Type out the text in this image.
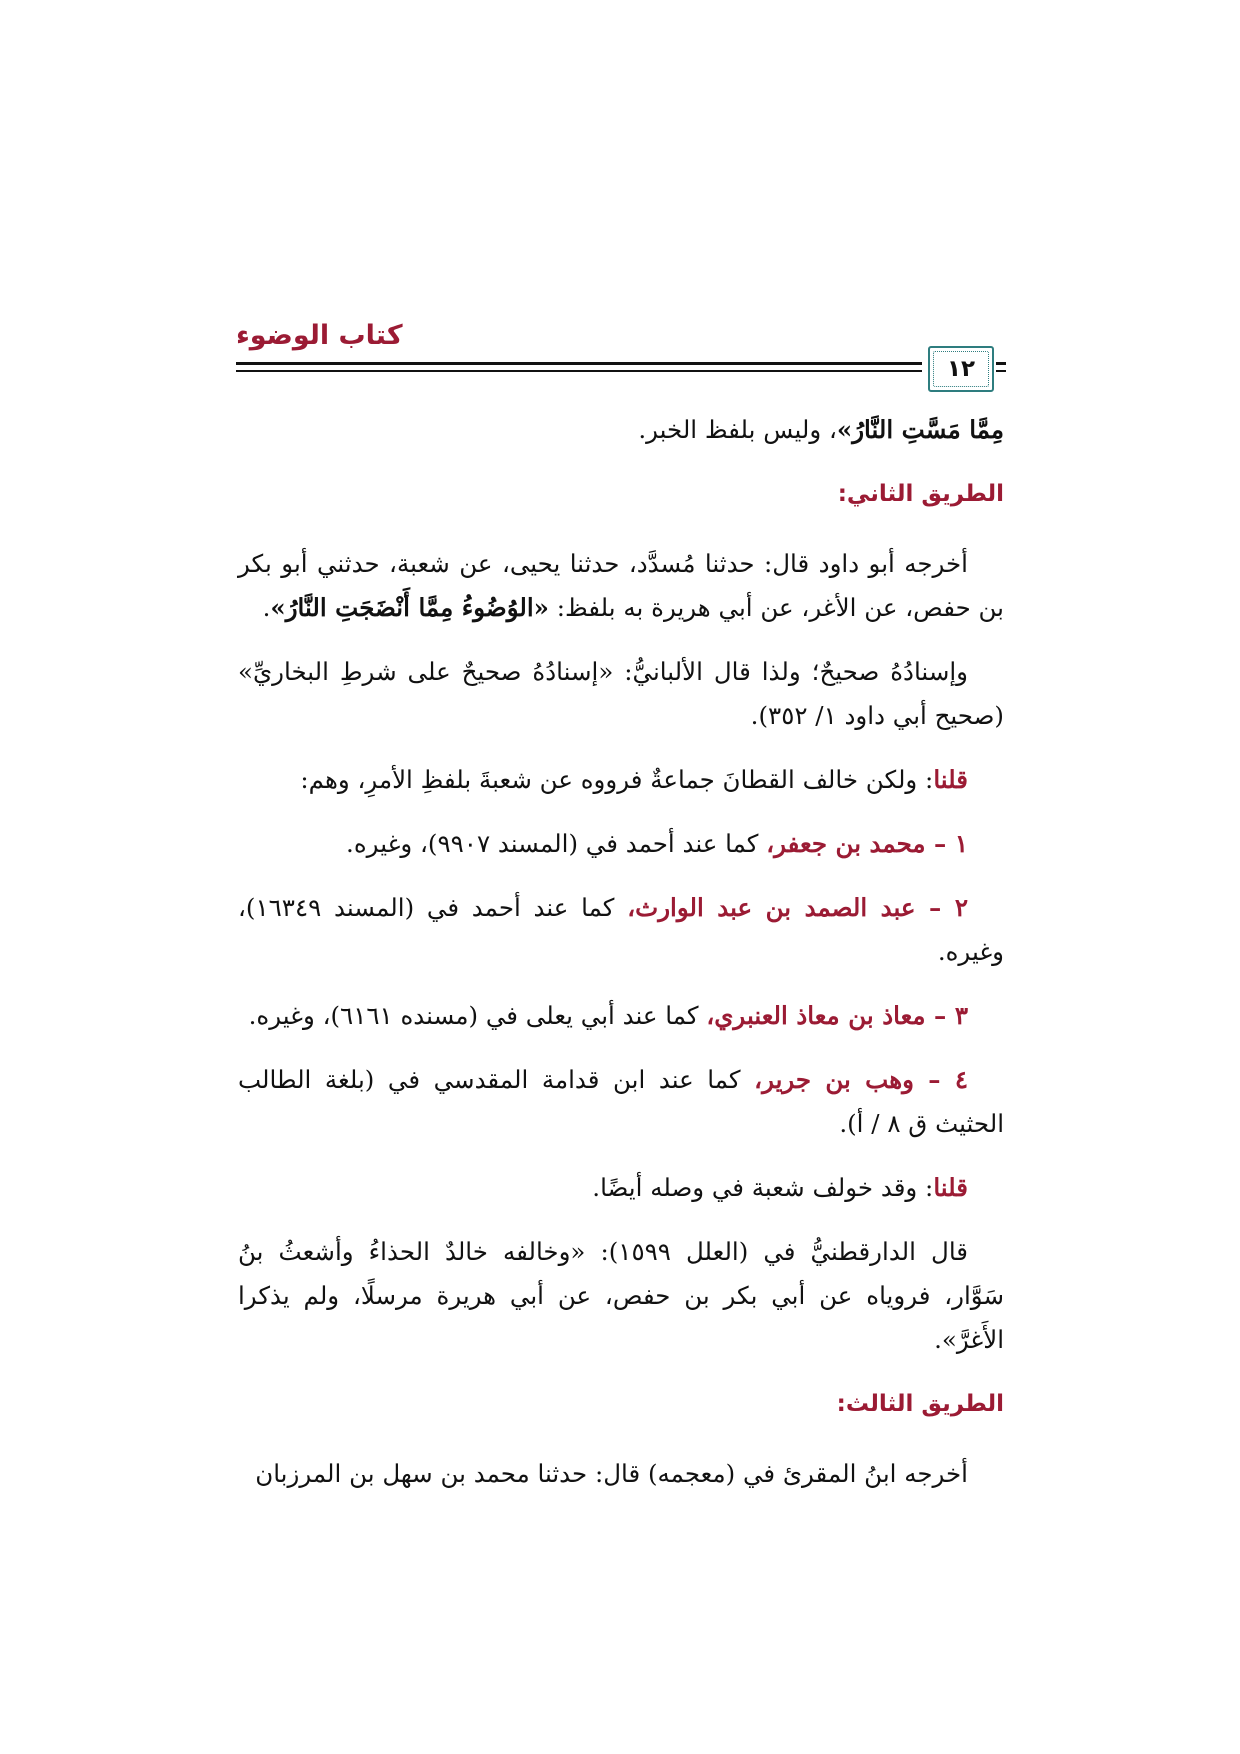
كتاب الوضوء
١٢

مِمَّا مَسَّتِ النَّارُ»، وليس بلفظ الخبر.

الطريق الثاني:

أخرجه أبو داود قال: حدثنا مُسدَّد، حدثنا يحيى، عن شعبة، حدثني أبو بكر بن حفص، عن الأغر، عن أبي هريرة به بلفظ: «الوُضُوءُ مِمَّا أَنْضَجَتِ النَّارُ».

وإسنادُهُ صحيحٌ؛ ولذا قال الألبانيُّ: «إسنادُهُ صحيحٌ على شرطِ البخاريِّ» (صحيح أبي داود ١/ ٣٥٢).

قلنا: ولكن خالف القطانَ جماعةٌ فرووه عن شعبةَ بلفظِ الأمرِ، وهم:

١ – محمد بن جعفر، كما عند أحمد في (المسند ٩٩٠٧)، وغيره.

٢ – عبد الصمد بن عبد الوارث، كما عند أحمد في (المسند ١٦٣٤٩)، وغيره.

٣ – معاذ بن معاذ العنبري، كما عند أبي يعلى في (مسنده ٦١٦١)، وغيره.

٤ – وهب بن جرير، كما عند ابن قدامة المقدسي في (بلغة الطالب الحثيث ق ٨ / أ).

قلنا: وقد خولف شعبة في وصله أيضًا.

قال الدارقطنيُّ في (العلل ١٥٩٩): «وخالفه خالدٌ الحذاءُ وأشعثُ بنُ سَوَّار، فروياه عن أبي بكر بن حفص، عن أبي هريرة مرسلًا، ولم يذكرا الأَغرَّ».

الطريق الثالث:

أخرجه ابنُ المقرئ في (معجمه) قال: حدثنا محمد بن سهل بن المرزبان
